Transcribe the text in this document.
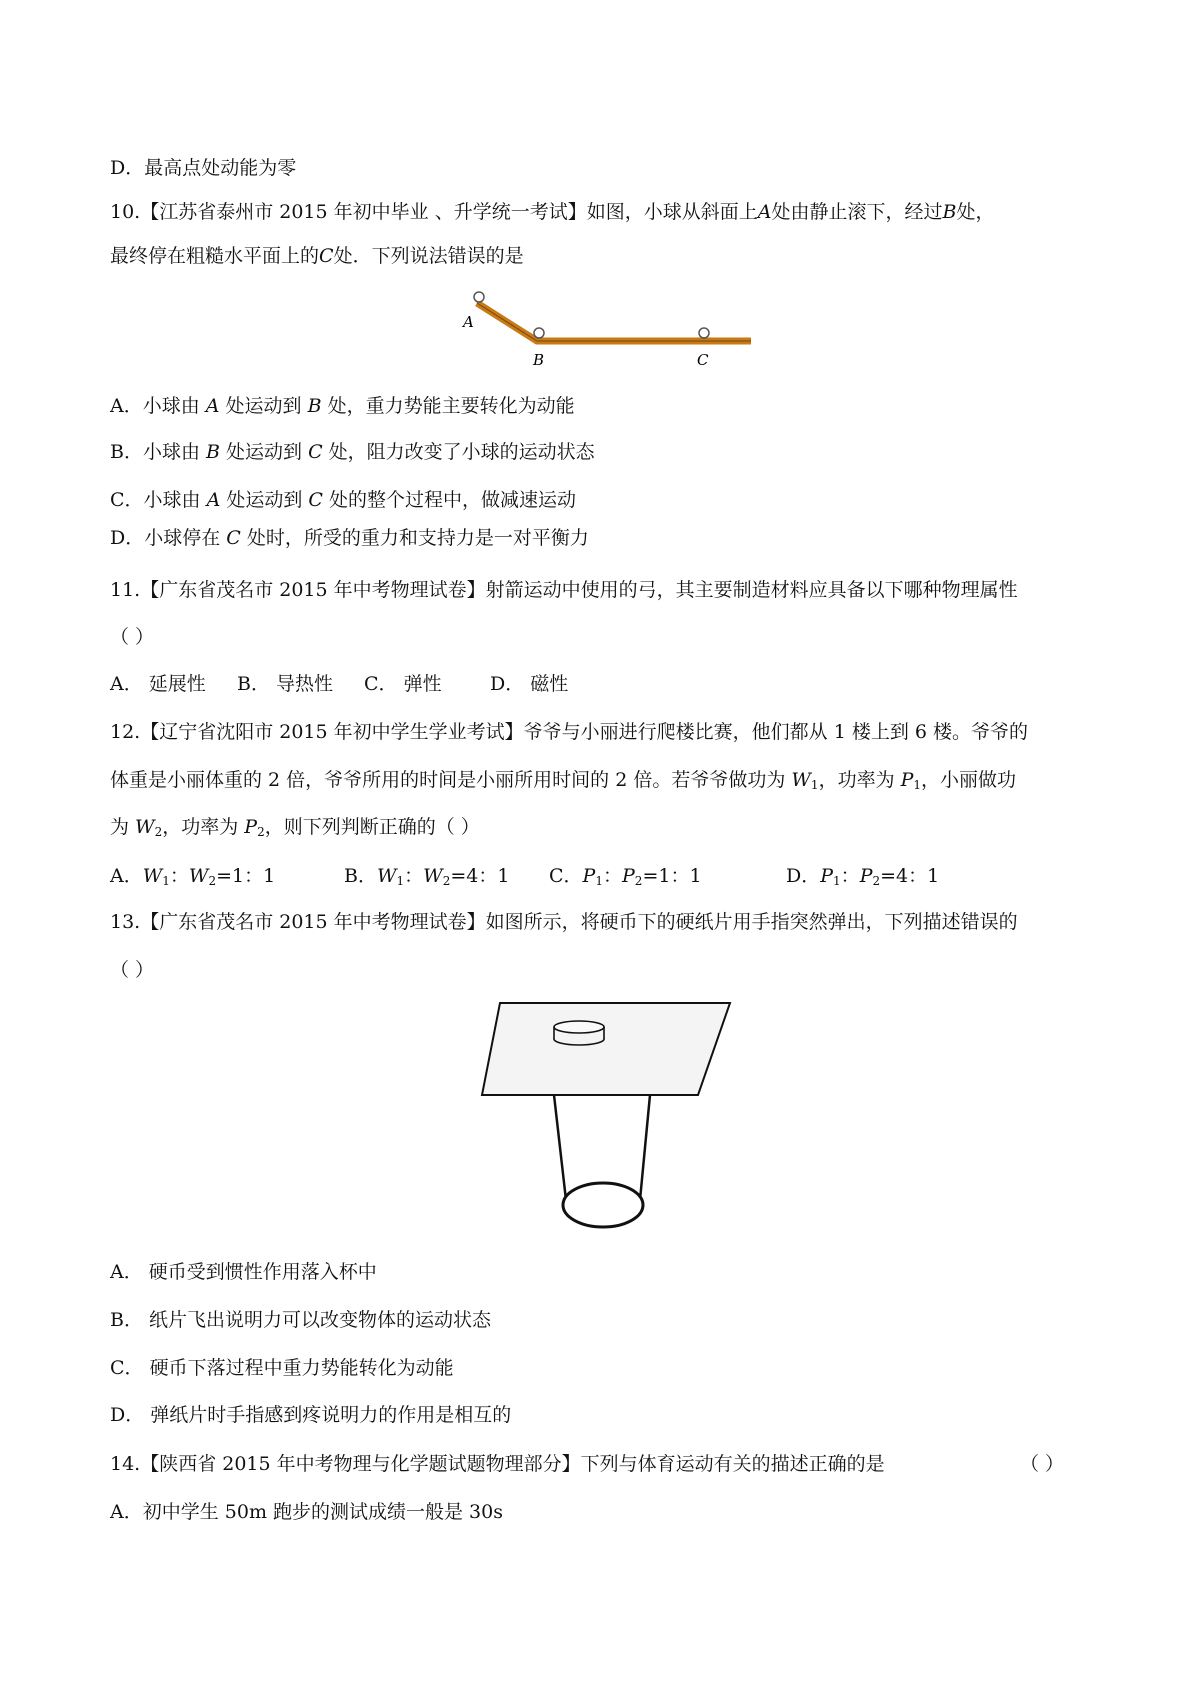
D．最高点处动能为零
10.【江苏省泰州市 2015 年初中毕业 、升学统一考试】如图，小球从斜面上A处由静止滚下，经过B处，
最终停在粗糙水平面上的C处．下列说法错误的是
A
B	C
A．小球由 A 处运动到 B 处，重力势能主要转化为动能
B．小球由 B 处运动到 C 处，阻力改变了小球的运动状态
C．小球由 A 处运动到 C 处的整个过程中，做减速运动
D．小球停在 C 处时，所受的重力和支持力是一对平衡力
11.【广东省茂名市 2015 年中考物理试卷】射箭运动中使用的弓，其主要制造材料应具备以下哪种物理属性
（ ）
A． 延展性 B． 导热性 C． 弹性	D． 磁性
12.【辽宁省沈阳市 2015 年初中学生学业考试】爷爷与小丽进行爬楼比赛，他们都从 1 楼上到 6 楼。爷爷的
体重是小丽体重的 2 倍，爷爷所用的时间是小丽所用时间的 2 倍。若爷爷做功为 $W_1$，功率为 $P_1$，小丽做功
为 $W_2$，功率为 $P_2$，则下列判断正确的（ ）
A．$W_1$：$W_2=1$：1	B．$W_1$：$W_2=4$：1 C．$P_1$：$P_2=1$：1	D．$P_1$：$P_2=4$：1
13.【广东省茂名市 2015 年中考物理试卷】如图所示，将硬币下的硬纸片用手指突然弹出，下列描述错误的
（ ）
A． 硬币受到惯性作用落入杯中
B． 纸片飞出说明力可以改变物体的运动状态
C． 硬币下落过程中重力势能转化为动能
D． 弹纸片时手指感到疼说明力的作用是相互的
14.【陕西省 2015 年中考物理与化学题试题物理部分】下列与体育运动有关的描述正确的是	（ ）
A．初中学生 50m 跑步的测试成绩一般是 30s
